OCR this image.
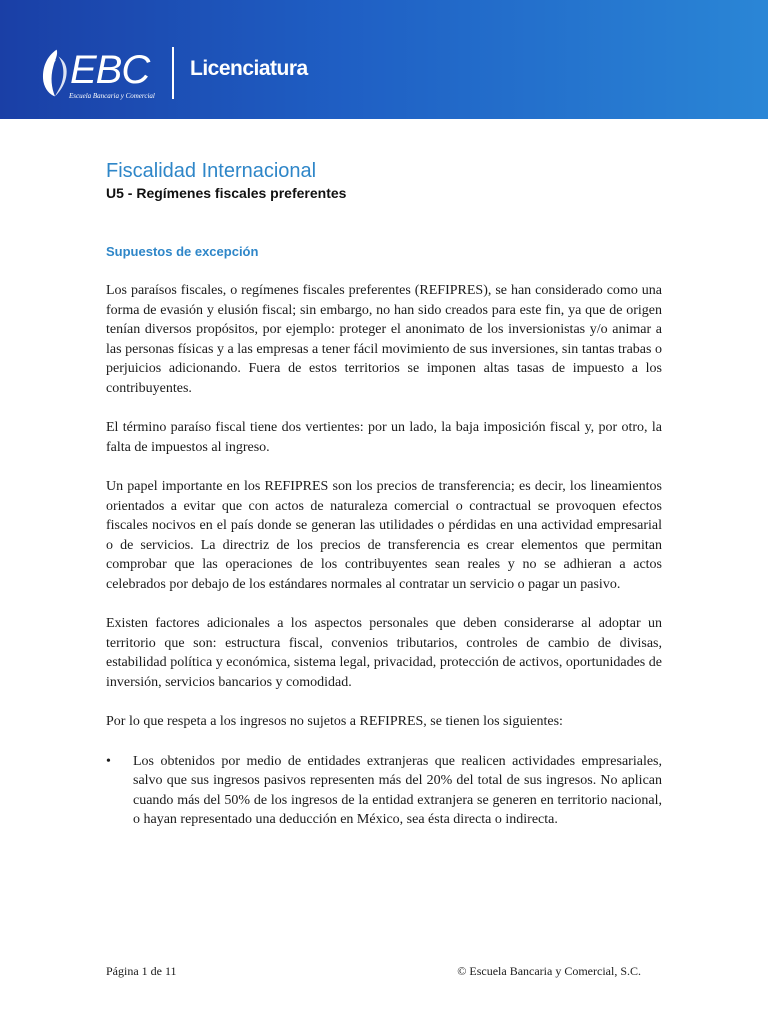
EBC
Escuela Bancaria y Comercial
Licenciatura
Fiscalidad Internacional
U5 - Regímenes fiscales preferentes
Supuestos de excepción

Los paraísos fiscales, o regímenes fiscales preferentes (REFIPRES), se han considerado como una forma de evasión y elusión fiscal; sin embargo, no han sido creados para este fin, ya que de origen tenían diversos propósitos, por ejemplo: proteger el anonimato de los inversionistas y/o animar a las personas físicas y a las empresas a tener fácil movimiento de sus inversiones, sin tantas trabas o perjuicios adicionando. Fuera de estos territorios se imponen altas tasas de impuesto a los contribuyentes.

El término paraíso fiscal tiene dos vertientes: por un lado, la baja imposición fiscal y, por otro, la falta de impuestos al ingreso.

Un papel importante en los REFIPRES son los precios de transferencia; es decir, los lineamientos orientados a evitar que con actos de naturaleza comercial o contractual se provoquen efectos fiscales nocivos en el país donde se generan las utilidades o pérdidas en una actividad empresarial o de servicios. La directriz de los precios de transferencia es crear elementos que permitan comprobar que las operaciones de los contribuyentes sean reales y no se adhieran a actos celebrados por debajo de los estándares normales al contratar un servicio o pagar un pasivo.

Existen factores adicionales a los aspectos personales que deben considerarse al adoptar un territorio que son: estructura fiscal, convenios tributarios, controles de cambio de divisas, estabilidad política y económica, sistema legal, privacidad, protección de activos, oportunidades de inversión, servicios bancarios y comodidad.

Por lo que respeta a los ingresos no sujetos a REFIPRES, se tienen los siguientes:

• Los obtenidos por medio de entidades extranjeras que realicen actividades empresariales, salvo que sus ingresos pasivos representen más del 20% del total de sus ingresos. No aplican cuando más del 50% de los ingresos de la entidad extranjera se generen en territorio nacional, o hayan representado una deducción en México, sea ésta directa o indirecta.
Página 1 de 11	© Escuela Bancaria y Comercial, S.C.
